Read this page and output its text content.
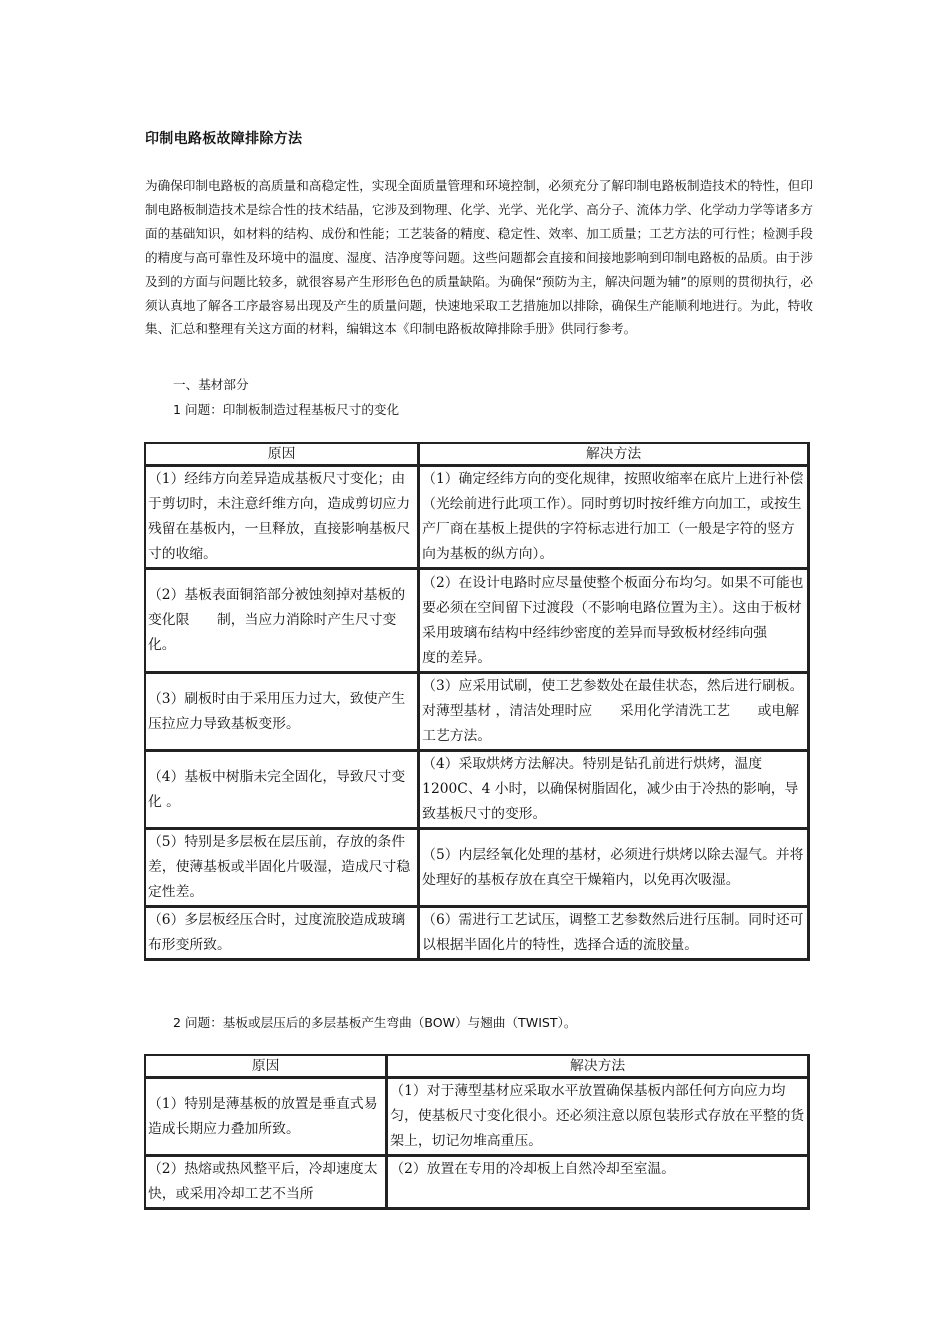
印制电路板故障排除方法

为确保印制电路板的高质量和高稳定性，实现全面质量管理和环境控制，必须充分了解印制电路板制造技术的特性，但印制电路板制造技术是综合性的技术结晶，它涉及到物理、化学、光学、光化学、高分子、流体力学、化学动力学等诸多方面的基础知识，如材料的结构、成份和性能；工艺装备的精度、稳定性、效率、加工质量；工艺方法的可行性；检测手段的精度与高可靠性及环境中的温度、湿度、洁净度等问题。这些问题都会直接和间接地影响到印制电路板的品质。由于涉及到的方面与问题比较多，就很容易产生形形色色的质量缺陷。为确保“预防为主，解决问题为辅”的原则的贯彻执行，必须认真地了解各工序最容易出现及产生的质量问题，快速地采取工艺措施加以排除，确保生产能顺利地进行。为此，特收集、汇总和整理有关这方面的材料，编辑这本《印制电路板故障排除手册》供同行参考。

一、基材部分
1 问题：印制板制造过程基板尺寸的变化
原因	解决方法
（1）经纬方向差异造成基板尺寸变化；由于剪切时，未注意纤维方向，造成剪切应力残留在基板内，一旦释放，直接影响基板尺寸的收缩。	（1）确定经纬方向的变化规律，按照收缩率在底片上进行补偿（光绘前进行此项工作）。同时剪切时按纤维方向加工，或按生产厂商在基板上提供的字符标志进行加工（一般是字符的竖方向为基板的纵方向）。
（2）基板表面铜箔部分被蚀刻掉对基板的变化限　　制，当应力消除时产生尺寸变化。	（2）在设计电路时应尽量使整个板面分布均匀。如果不可能也要必须在空间留下过渡段（不影响电路位置为主）。这由于板材采用玻璃布结构中经纬纱密度的差异而导致板材经纬向强　　度的差异。
（3）刷板时由于采用压力过大，致使产生压拉应力导致基板变形。	（3）应采用试刷，使工艺参数处在最佳状态，然后进行刷板。对薄型基材 ，清洁处理时应　　采用化学清洗工艺　　或电解工艺方法。
（4）基板中树脂未完全固化，导致尺寸变化 。	（4）采取烘烤方法解决。特别是钻孔前进行烘烤，温度 1200C、4 小时，以确保树脂固化，减少由于冷热的影响，导致基板尺寸的变形。
（5）特别是多层板在层压前，存放的条件差，使薄基板或半固化片吸湿，造成尺寸稳定性差。	（5）内层经氧化处理的基材，必须进行烘烤以除去湿气。并将处理好的基板存放在真空干燥箱内，以免再次吸湿。
（6）多层板经压合时，过度流胶造成玻璃布形变所致。	（6）需进行工艺试压，调整工艺参数然后进行压制。同时还可以根据半固化片的特性，选择合适的流胶量。
2 问题：基板或层压后的多层基板产生弯曲（BOW）与翘曲（TWIST）。
原因	解决方法
（1）特别是薄基板的放置是垂直式易造成长期应力叠加所致。	（1）对于薄型基材应采取水平放置确保基板内部任何方向应力均匀，使基板尺寸变化很小。还必须注意以原包装形式存放在平整的货架上，切记勿堆高重压。
（2）热熔或热风整平后，冷却速度太快，或采用冷却工艺不当所	（2）放置在专用的冷却板上自然冷却至室温。
